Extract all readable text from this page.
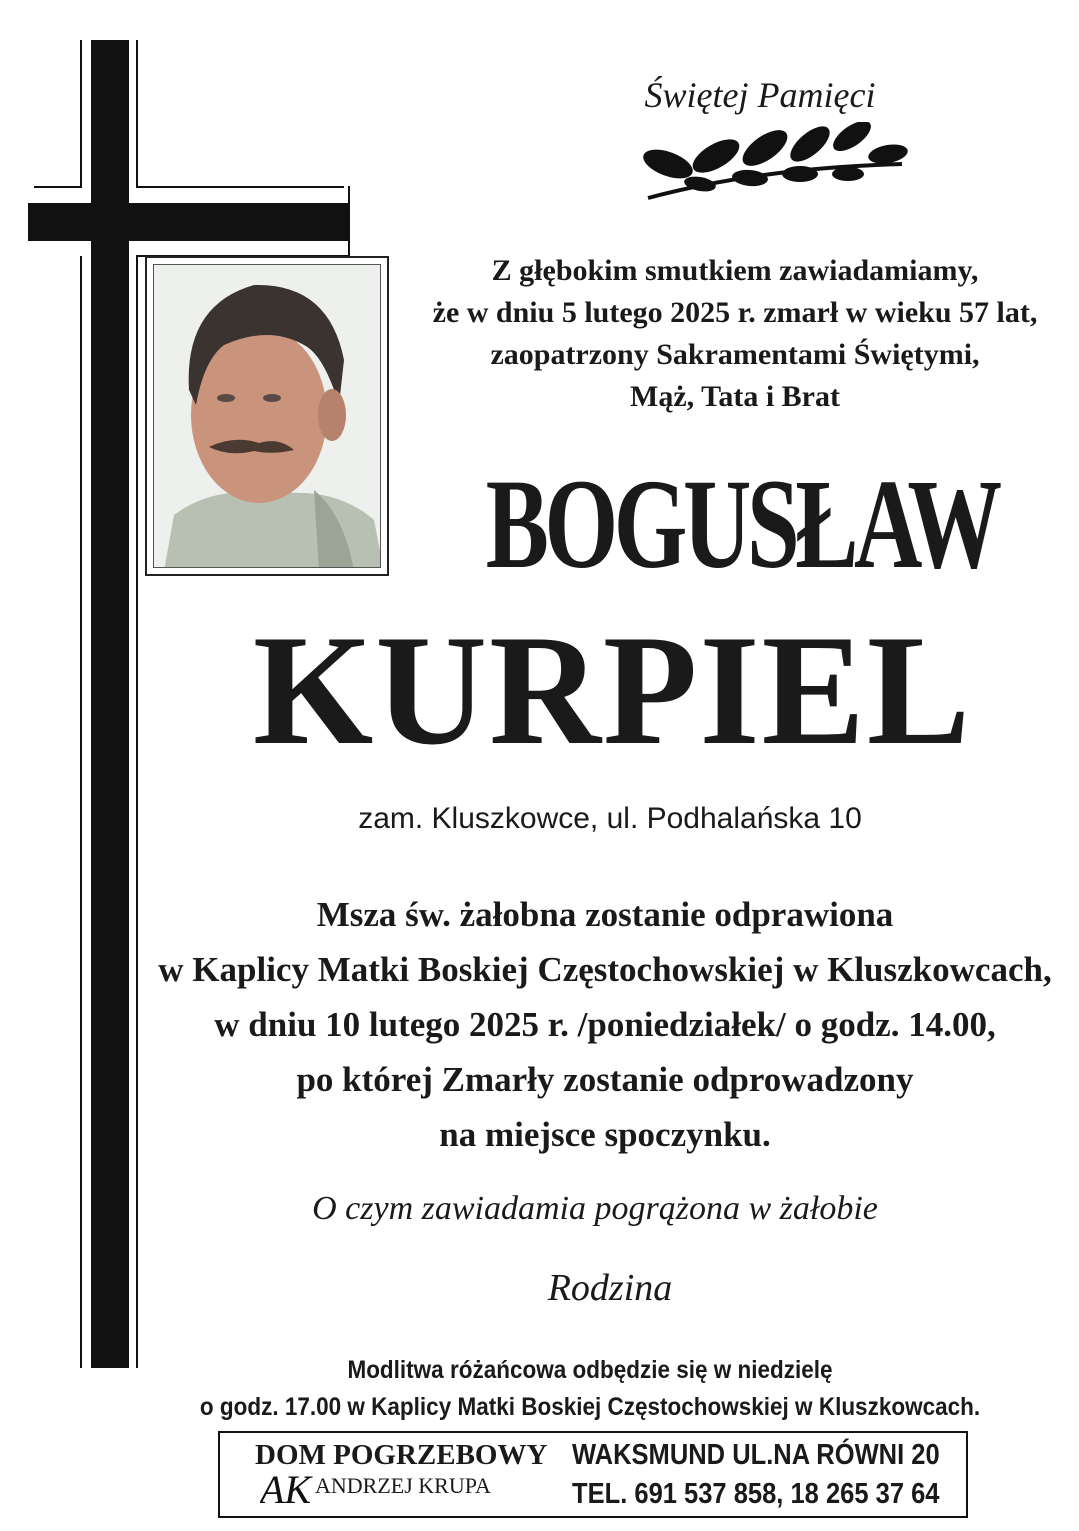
Świętej Pamięci
Z głębokim smutkiem zawiadamiamy,
że w dniu 5 lutego 2025 r. zmarł w wieku 57 lat,
zaopatrzony Sakramentami Świętymi,
Mąż, Tata i Brat
BOGUSŁAW
KURPIEL
zam. Kluszkowce, ul. Podhalańska 10
Msza św. żałobna zostanie odprawiona
w Kaplicy Matki Boskiej Częstochowskiej w Kluszkowcach,
w dniu 10 lutego 2025 r. /poniedziałek/ o godz. 14.00,
po której Zmarły zostanie odprowadzony
na miejsce spoczynku.
O czym zawiadamia pogrążona w żałobie
Rodzina
Modlitwa różańcowa odbędzie się w niedzielę
o godz. 17.00 w Kaplicy Matki Boskiej Częstochowskiej w Kluszkowcach.
DOM POGRZEBOWY
AK ANDRZEJ KRUPA
WAKSMUND UL.NA RÓWNI 20
TEL. 691 537 858, 18 265 37 64
